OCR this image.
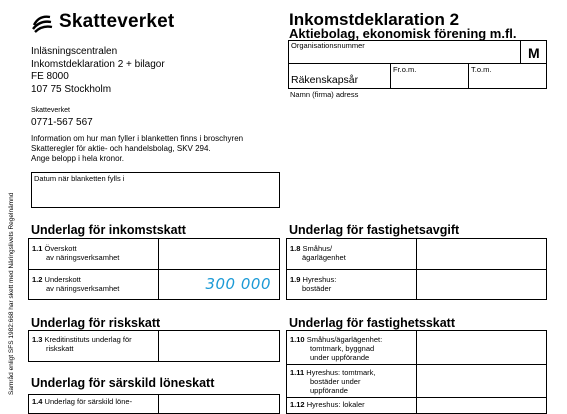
Skatteverket
Inläsningscentralen
Inkomstdeklaration 2 + bilagor
FE 8000
107 75 Stockholm
Skatteverket
0771-567 567
Information om hur man fyller i blanketten finns i broschyren
Skatteregler för aktie- och handelsbolag, SKV 294.
Ange belopp i hela kronor.
Datum när blanketten fylls i
Samråd enligt SFS 1982:668 har skett med Näringslivets Regelnämnd
Inkomstdeklaration 2
Aktiebolag, ekonomisk förening m.fl.
Organisationsnummer	M
Räkenskapsår
Fr.o.m.	T.o.m.
Namn (firma) adress
Underlag för inkomstskatt
1.1 Överskott
av näringsverksamhet
1.2 Underskott
av näringsverksamhet	300 000
Underlag för riskskatt
1.3 Kreditinstituts underlag för
riskskatt
Underlag för särskild löneskatt
1.4 Underlag för särskild löne-
Underlag för fastighetsavgift
1.8 Småhus/
ägarlägenhet
1.9 Hyreshus:
bostäder
Underlag för fastighetsskatt
1.10 Småhus/ägarlägenhet:
tomtmark, byggnad
under uppförande
1.11 Hyreshus: tomtmark,
bostäder under
uppförande
1.12 Hyreshus: lokaler
